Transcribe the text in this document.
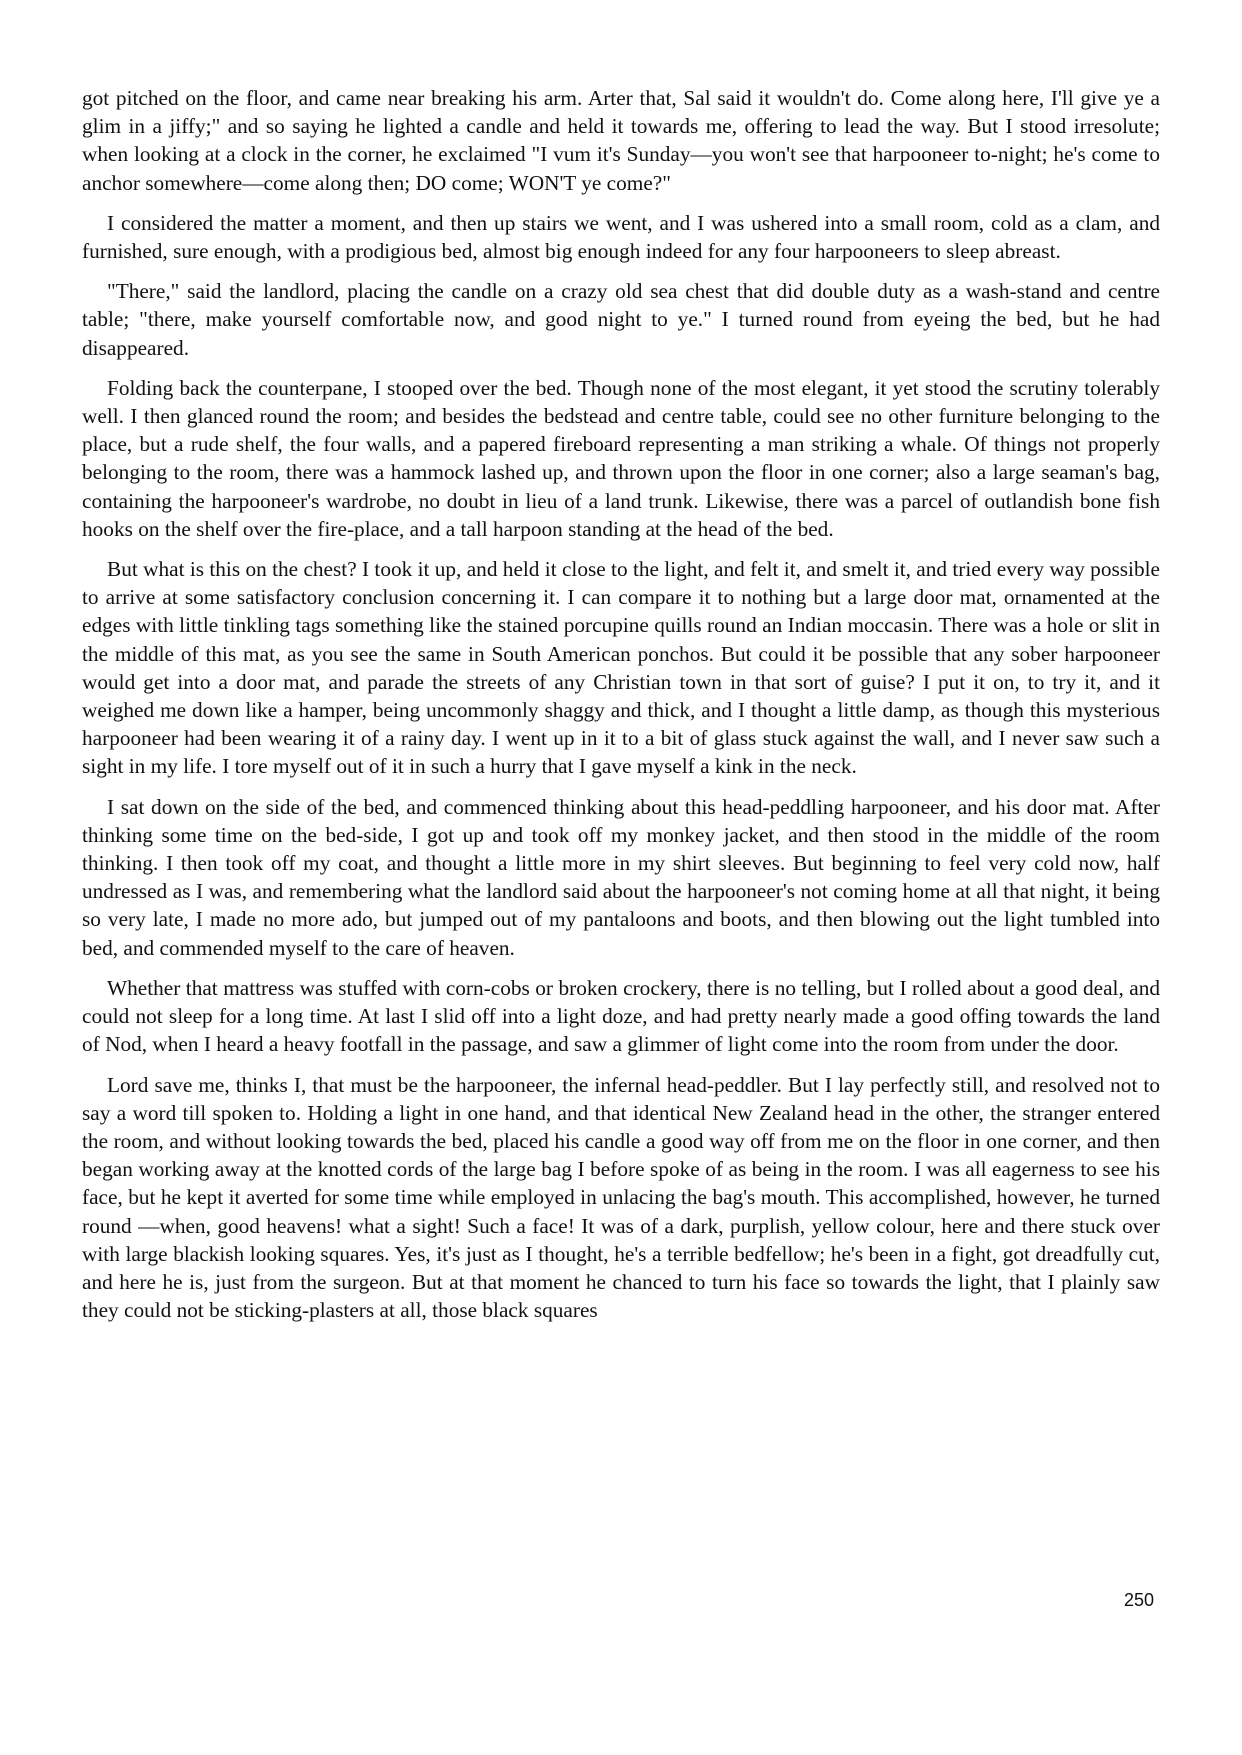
got pitched on the floor, and came near breaking his arm. Arter that, Sal said it wouldn't do. Come along here, I'll give ye a glim in a jiffy;" and so saying he lighted a candle and held it towards me, offering to lead the way. But I stood irresolute; when looking at a clock in the corner, he exclaimed "I vum it's Sunday—you won't see that harpooneer to-night; he's come to anchor somewhere—come along then; DO come; WON'T ye come?"

I considered the matter a moment, and then up stairs we went, and I was ushered into a small room, cold as a clam, and furnished, sure enough, with a prodigious bed, almost big enough indeed for any four harpooneers to sleep abreast.

"There," said the landlord, placing the candle on a crazy old sea chest that did double duty as a wash-stand and centre table; "there, make yourself comfortable now, and good night to ye." I turned round from eyeing the bed, but he had disappeared.

Folding back the counterpane, I stooped over the bed. Though none of the most elegant, it yet stood the scrutiny tolerably well. I then glanced round the room; and besides the bedstead and centre table, could see no other furniture belonging to the place, but a rude shelf, the four walls, and a papered fireboard representing a man striking a whale. Of things not properly belonging to the room, there was a hammock lashed up, and thrown upon the floor in one corner; also a large seaman's bag, containing the harpooneer's wardrobe, no doubt in lieu of a land trunk. Likewise, there was a parcel of outlandish bone fish hooks on the shelf over the fire-place, and a tall harpoon standing at the head of the bed.

But what is this on the chest? I took it up, and held it close to the light, and felt it, and smelt it, and tried every way possible to arrive at some satisfactory conclusion concerning it. I can compare it to nothing but a large door mat, ornamented at the edges with little tinkling tags something like the stained porcupine quills round an Indian moccasin. There was a hole or slit in the middle of this mat, as you see the same in South American ponchos. But could it be possible that any sober harpooneer would get into a door mat, and parade the streets of any Christian town in that sort of guise? I put it on, to try it, and it weighed me down like a hamper, being uncommonly shaggy and thick, and I thought a little damp, as though this mysterious harpooneer had been wearing it of a rainy day. I went up in it to a bit of glass stuck against the wall, and I never saw such a sight in my life. I tore myself out of it in such a hurry that I gave myself a kink in the neck.

I sat down on the side of the bed, and commenced thinking about this head-peddling harpooneer, and his door mat. After thinking some time on the bed-side, I got up and took off my monkey jacket, and then stood in the middle of the room thinking. I then took off my coat, and thought a little more in my shirt sleeves. But beginning to feel very cold now, half undressed as I was, and remembering what the landlord said about the harpooneer's not coming home at all that night, it being so very late, I made no more ado, but jumped out of my pantaloons and boots, and then blowing out the light tumbled into bed, and commended myself to the care of heaven.

Whether that mattress was stuffed with corn-cobs or broken crockery, there is no telling, but I rolled about a good deal, and could not sleep for a long time. At last I slid off into a light doze, and had pretty nearly made a good offing towards the land of Nod, when I heard a heavy footfall in the passage, and saw a glimmer of light come into the room from under the door.

Lord save me, thinks I, that must be the harpooneer, the infernal head-peddler. But I lay perfectly still, and resolved not to say a word till spoken to. Holding a light in one hand, and that identical New Zealand head in the other, the stranger entered the room, and without looking towards the bed, placed his candle a good way off from me on the floor in one corner, and then began working away at the knotted cords of the large bag I before spoke of as being in the room. I was all eagerness to see his face, but he kept it averted for some time while employed in unlacing the bag's mouth. This accomplished, however, he turned round —when, good heavens! what a sight! Such a face! It was of a dark, purplish, yellow colour, here and there stuck over with large blackish looking squares. Yes, it's just as I thought, he's a terrible bedfellow; he's been in a fight, got dreadfully cut, and here he is, just from the surgeon. But at that moment he chanced to turn his face so towards the light, that I plainly saw they could not be sticking-plasters at all, those black squares

250
